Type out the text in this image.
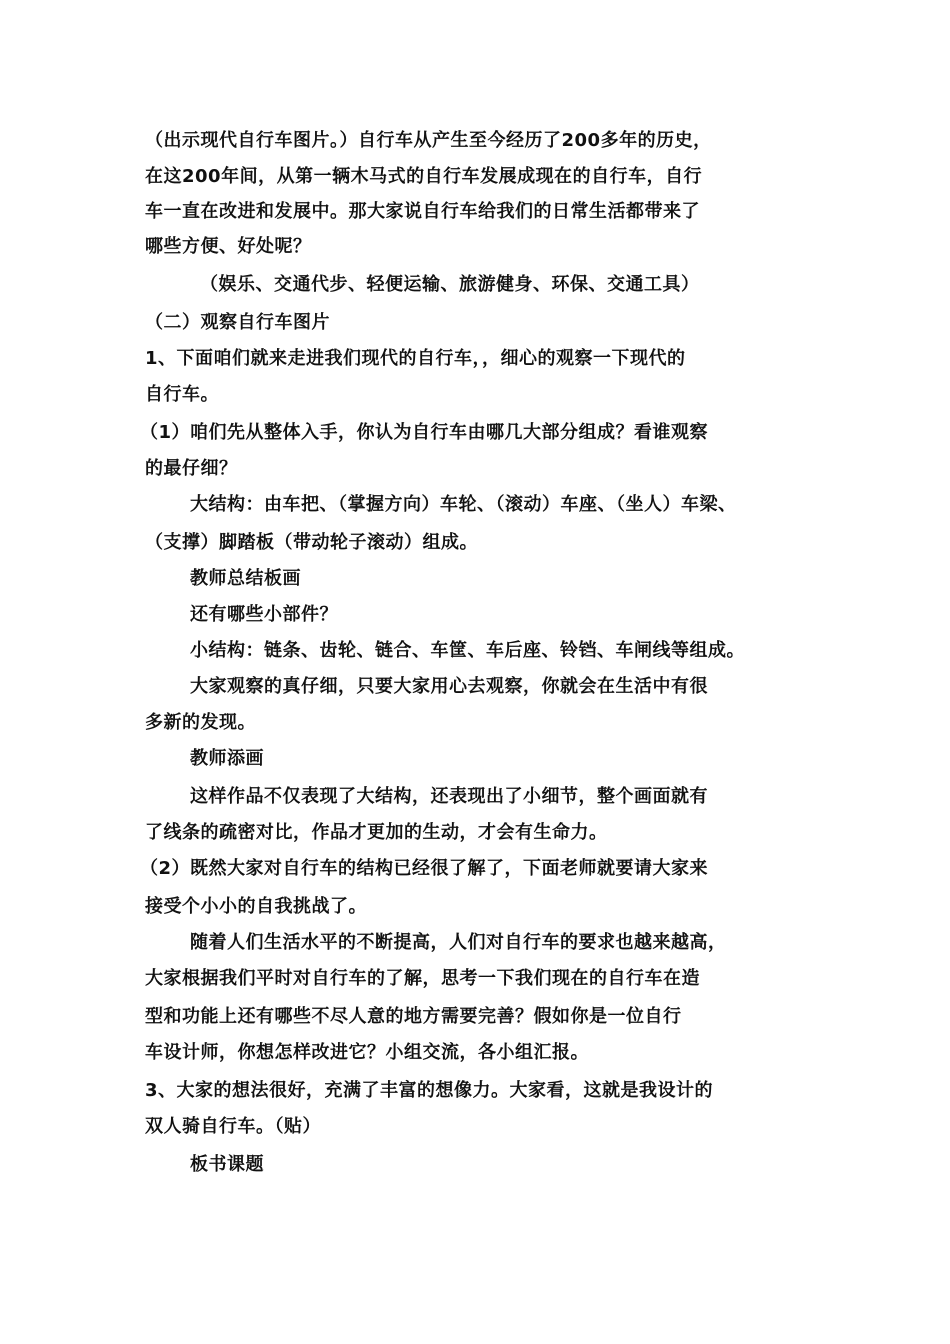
（出示现代自行车图片。）自行车从产生至今经历了200多年的历史，
在这200年间，从第一辆木马式的自行车发展成现在的自行车，自行
车一直在改进和发展中。那大家说自行车给我们的日常生活都带来了
哪些方便、好处呢？
（娱乐、交通代步、轻便运输、旅游健身、环保、交通工具）
（二）观察自行车图片
1、下面咱们就来走进我们现代的自行车，，细心的观察一下现代的
自行车。
（1）咱们先从整体入手，你认为自行车由哪几大部分组成？看谁观察
的最仔细？
大结构：由车把、（掌握方向）车轮、（滚动）车座、（坐人）车梁、
（支撑）脚踏板（带动轮子滚动）组成。
教师总结板画
还有哪些小部件？
小结构：链条、齿轮、链合、车筐、车后座、铃铛、车闸线等组成。
大家观察的真仔细，只要大家用心去观察，你就会在生活中有很
多新的发现。
教师添画
这样作品不仅表现了大结构，还表现出了小细节，整个画面就有
了线条的疏密对比，作品才更加的生动，才会有生命力。
（2）既然大家对自行车的结构已经很了解了，下面老师就要请大家来
接受个小小的自我挑战了。
随着人们生活水平的不断提高，人们对自行车的要求也越来越高，
大家根据我们平时对自行车的了解，思考一下我们现在的自行车在造
型和功能上还有哪些不尽人意的地方需要完善？假如你是一位自行
车设计师，你想怎样改进它？小组交流，各小组汇报。
3、大家的想法很好，充满了丰富的想像力。大家看，这就是我设计的
双人骑自行车。（贴）
板书课题
